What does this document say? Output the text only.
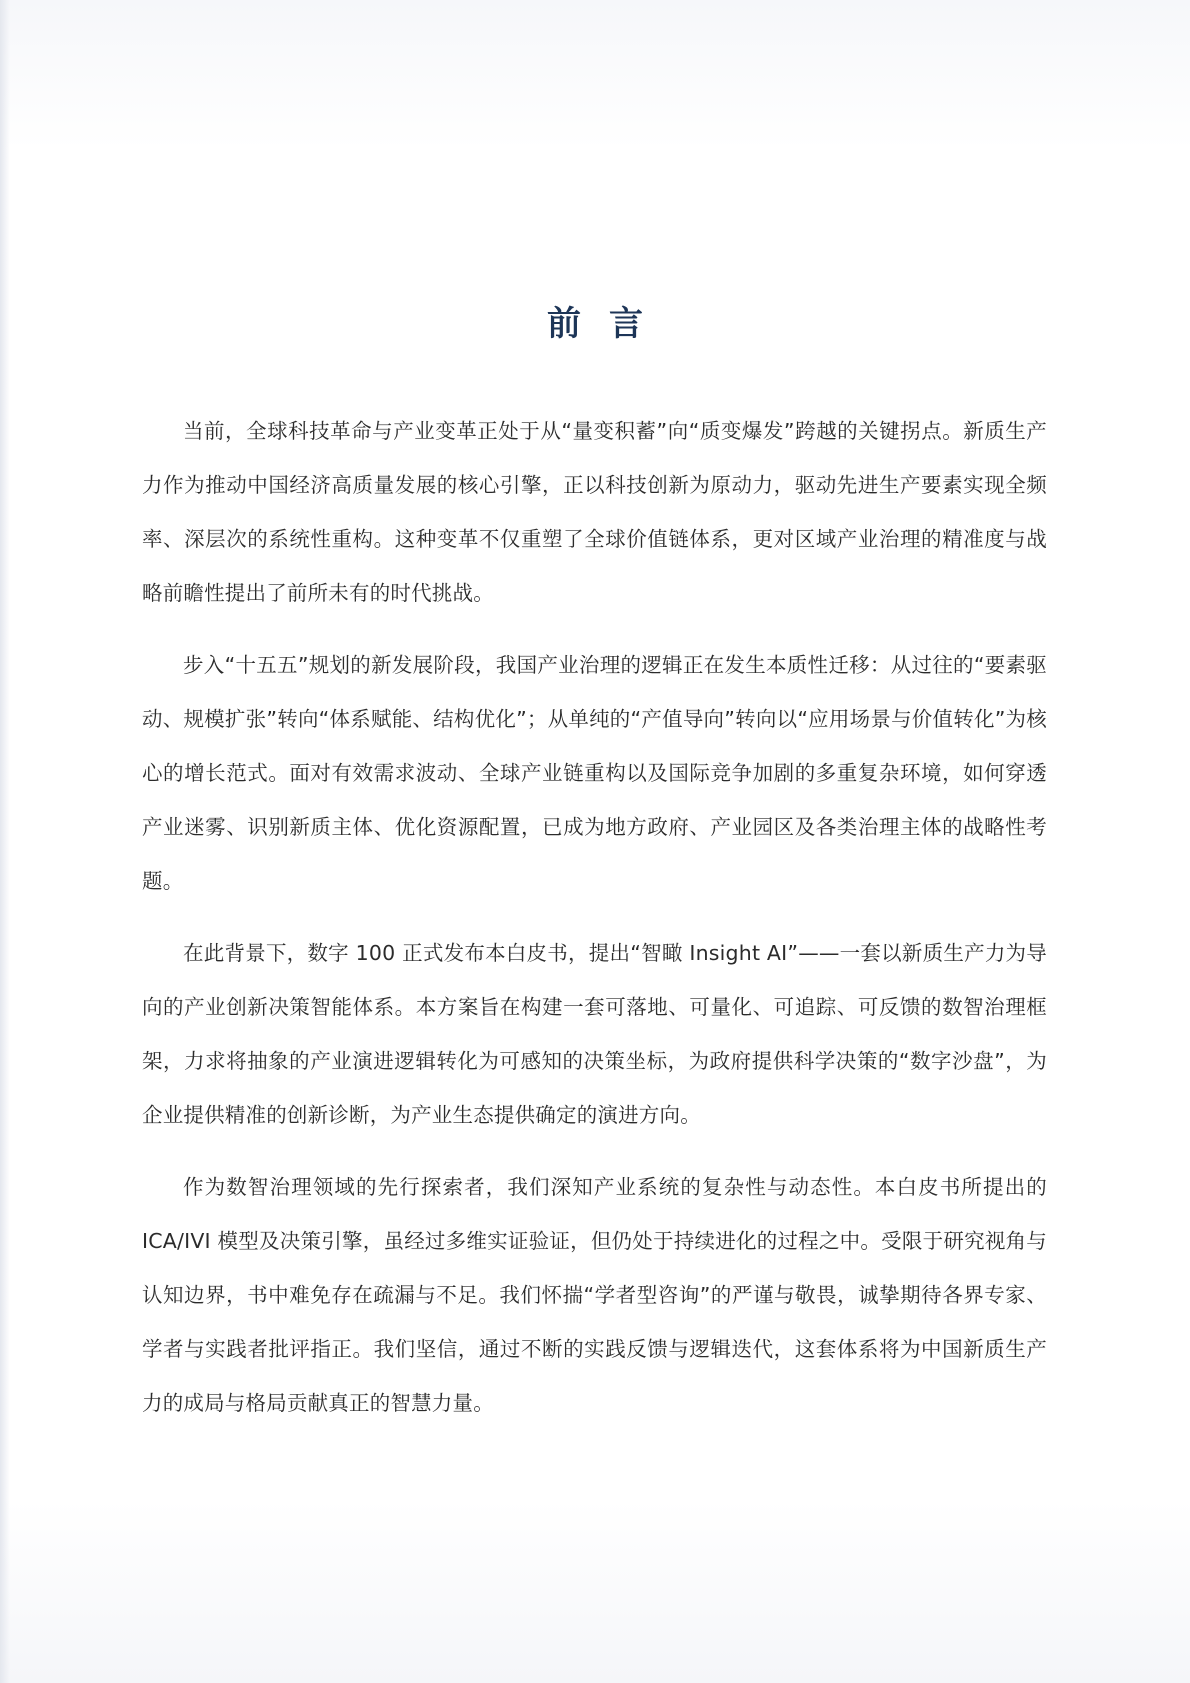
前言

当前，全球科技革命与产业变革正处于从“量变积蓄”向“质变爆发”跨越的关键拐点。新质生产力作为推动中国经济高质量发展的核心引擎，正以科技创新为原动力，驱动先进生产要素实现全频率、深层次的系统性重构。这种变革不仅重塑了全球价值链体系，更对区域产业治理的精准度与战略前瞻性提出了前所未有的时代挑战。

步入“十五五”规划的新发展阶段，我国产业治理的逻辑正在发生本质性迁移：从过往的“要素驱动、规模扩张”转向“体系赋能、结构优化”；从单纯的“产值导向”转向以“应用场景与价值转化”为核心的增长范式。面对有效需求波动、全球产业链重构以及国际竞争加剧的多重复杂环境，如何穿透产业迷雾、识别新质主体、优化资源配置，已成为地方政府、产业园区及各类治理主体的战略性考题。

在此背景下，数字 100 正式发布本白皮书，提出“智瞰 Insight AI”——一套以新质生产力为导向的产业创新决策智能体系。本方案旨在构建一套可落地、可量化、可追踪、可反馈的数智治理框架，力求将抽象的产业演进逻辑转化为可感知的决策坐标，为政府提供科学决策的“数字沙盘”，为企业提供精准的创新诊断，为产业生态提供确定的演进方向。

作为数智治理领域的先行探索者，我们深知产业系统的复杂性与动态性。本白皮书所提出的 ICA/IVI 模型及决策引擎，虽经过多维实证验证，但仍处于持续进化的过程之中。受限于研究视角与认知边界，书中难免存在疏漏与不足。我们怀揣“学者型咨询”的严谨与敬畏，诚挚期待各界专家、学者与实践者批评指正。我们坚信，通过不断的实践反馈与逻辑迭代，这套体系将为中国新质生产力的成局与格局贡献真正的智慧力量。
